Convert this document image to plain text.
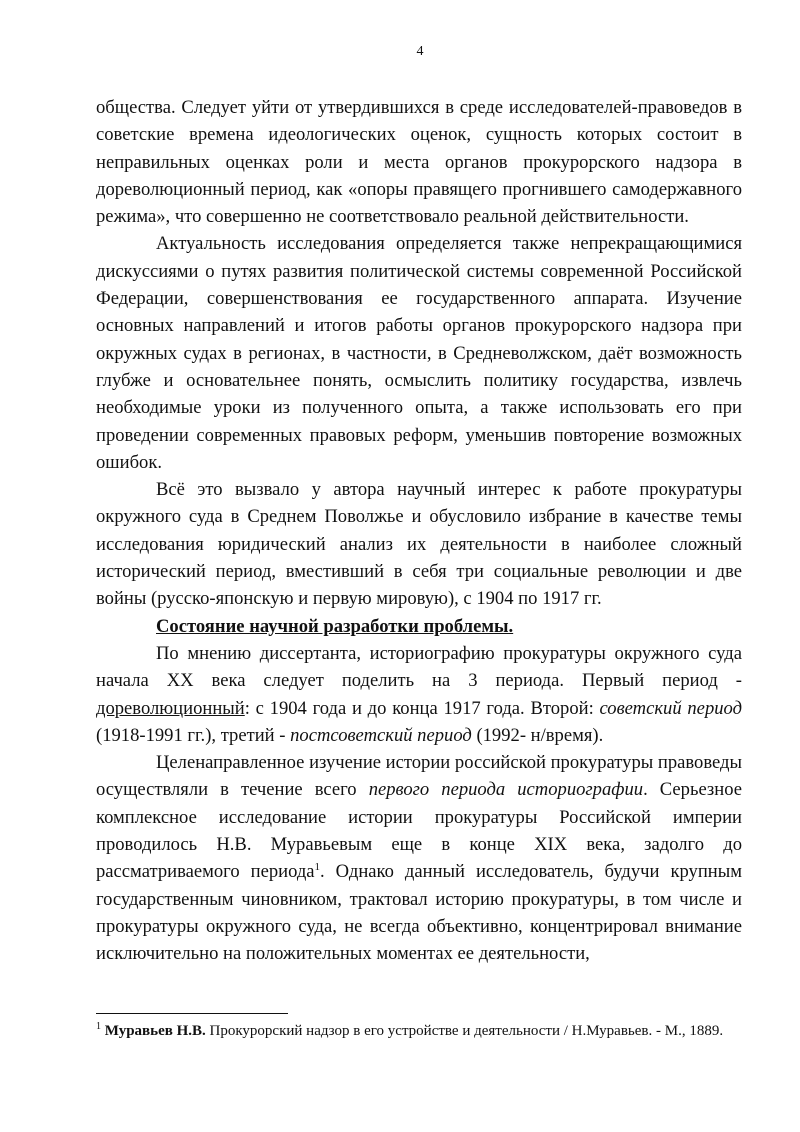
4

общества. Следует уйти от утвердившихся в среде исследователей-правоведов в советские времена идеологических оценок, сущность которых состоит в неправильных оценках роли и места органов прокурорского надзора в дореволюционный период, как «опоры правящего прогнившего самодержавного режима», что совершенно не соответствовало реальной действительности.

Актуальность исследования определяется также непрекращающимися дискуссиями о путях развития политической системы современной Российской Федерации, совершенствования ее государственного аппарата. Изучение основных направлений и итогов работы органов прокурорского надзора при окружных судах в регионах, в частности, в Средневолжском, даёт возможность глубже и основательнее понять, осмыслить политику государства, извлечь необходимые уроки из полученного опыта, а также использовать его при проведении современных правовых реформ, уменьшив повторение возможных ошибок.

Всё это вызвало у автора научный интерес к работе прокуратуры окружного суда в Среднем Поволжье и обусловило избрание в качестве темы исследования юридический анализ их деятельности в наиболее сложный исторический период, вместивший в себя три социальные революции и две войны (русско-японскую и первую мировую), с 1904 по 1917 гг.

Состояние научной разработки проблемы.

По мнению диссертанта, историографию прокуратуры окружного суда начала XX века следует поделить на 3 периода. Первый период - дореволюционный: с 1904 года и до конца 1917 года. Второй: советский период (1918-1991 гг.), третий - постсоветский период (1992- н/время).

Целенаправленное изучение истории российской прокуратуры правоведы осуществляли в течение всего первого периода историографии. Серьезное комплексное исследование истории прокуратуры Российской империи проводилось Н.В. Муравьевым еще в конце XIX века, задолго до рассматриваемого периода$^1$. Однако данный исследователь, будучи крупным государственным чиновником, трактовал историю прокуратуры, в том числе и прокуратуры окружного суда, не всегда объективно, концентрировал внимание исключительно на положительных моментах ее деятельности,

$^1$ Муравьев Н.В. Прокурорский надзор в его устройстве и деятельности / Н.Муравьев. - М., 1889.
